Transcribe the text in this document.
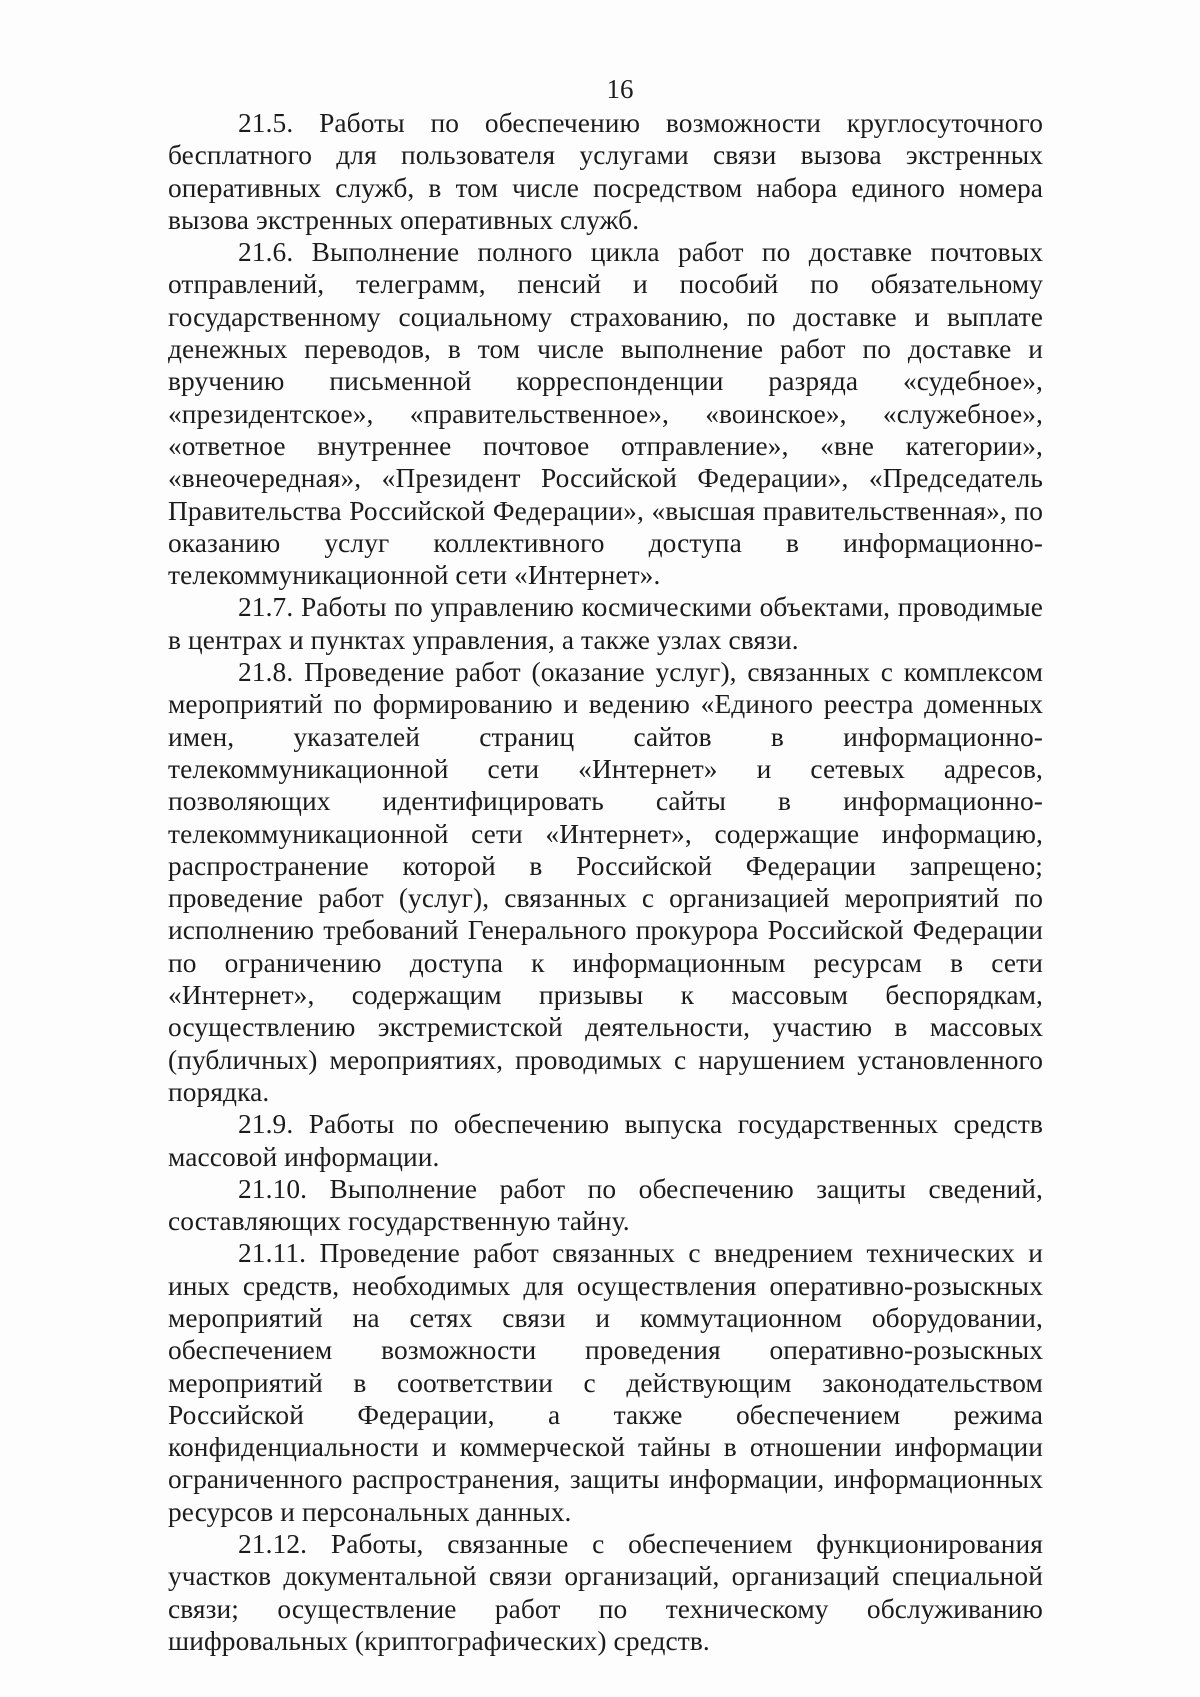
16

21.5. Работы по обеспечению возможности круглосуточного бесплатного для пользователя услугами связи вызова экстренных оперативных служб, в том числе посредством набора единого номера вызова экстренных оперативных служб.

21.6. Выполнение полного цикла работ по доставке почтовых отправлений, телеграмм, пенсий и пособий по обязательному государственному социальному страхованию, по доставке и выплате денежных переводов, в том числе выполнение работ по доставке и вручению письменной корреспонденции разряда «судебное», «президентское», «правительственное», «воинское», «служебное», «ответное внутреннее почтовое отправление», «вне категории», «внеочередная», «Президент Российской Федерации», «Председатель Правительства Российской Федерации», «высшая правительственная», по оказанию услуг коллективного доступа в информационно-телекоммуникационной сети «Интернет».

21.7. Работы по управлению космическими объектами, проводимые в центрах и пунктах управления, а также узлах связи.

21.8. Проведение работ (оказание услуг), связанных с комплексом мероприятий по формированию и ведению «Единого реестра доменных имен, указателей страниц сайтов в информационно-телекоммуникационной сети «Интернет» и сетевых адресов, позволяющих идентифицировать сайты в информационно-телекоммуникационной сети «Интернет», содержащие информацию, распространение которой в Российской Федерации запрещено; проведение работ (услуг), связанных с организацией мероприятий по исполнению требований Генерального прокурора Российской Федерации по ограничению доступа к информационным ресурсам в сети «Интернет», содержащим призывы к массовым беспорядкам, осуществлению экстремистской деятельности, участию в массовых (публичных) мероприятиях, проводимых с нарушением установленного порядка.

21.9. Работы по обеспечению выпуска государственных средств массовой информации.

21.10. Выполнение работ по обеспечению защиты сведений, составляющих государственную тайну.

21.11. Проведение работ связанных с внедрением технических и иных средств, необходимых для осуществления оперативно-розыскных мероприятий на сетях связи и коммутационном оборудовании, обеспечением возможности проведения оперативно-розыскных мероприятий в соответствии с действующим законодательством Российской Федерации, а также обеспечением режима конфиденциальности и коммерческой тайны в отношении информации ограниченного распространения, защиты информации, информационных ресурсов и персональных данных.

21.12. Работы, связанные с обеспечением функционирования участков документальной связи организаций, организаций специальной связи; осуществление работ по техническому обслуживанию шифровальных (криптографических) средств.
